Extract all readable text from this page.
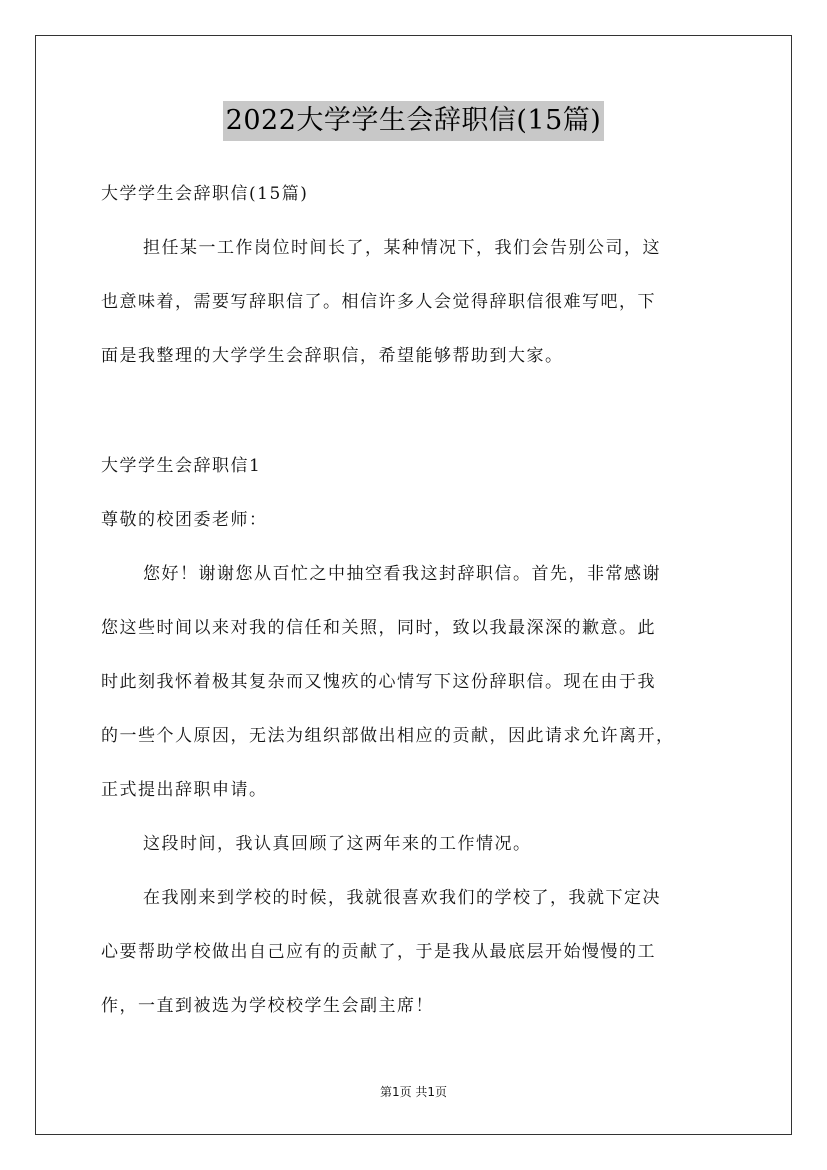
2022大学学生会辞职信(15篇)
大学学生会辞职信(15篇)
担任某一工作岗位时间长了，某种情况下，我们会告别公司，这
也意味着，需要写辞职信了。相信许多人会觉得辞职信很难写吧，下
面是我整理的大学学生会辞职信，希望能够帮助到大家。
大学学生会辞职信1
尊敬的校团委老师：
您好！谢谢您从百忙之中抽空看我这封辞职信。首先，非常感谢
您这些时间以来对我的信任和关照，同时，致以我最深深的歉意。此
时此刻我怀着极其复杂而又愧疚的心情写下这份辞职信。现在由于我
的一些个人原因，无法为组织部做出相应的贡献，因此请求允许离开，
正式提出辞职申请。
这段时间，我认真回顾了这两年来的工作情况。
在我刚来到学校的时候，我就很喜欢我们的学校了，我就下定决
心要帮助学校做出自己应有的贡献了，于是我从最底层开始慢慢的工
作，一直到被选为学校校学生会副主席！
第1页 共1页
